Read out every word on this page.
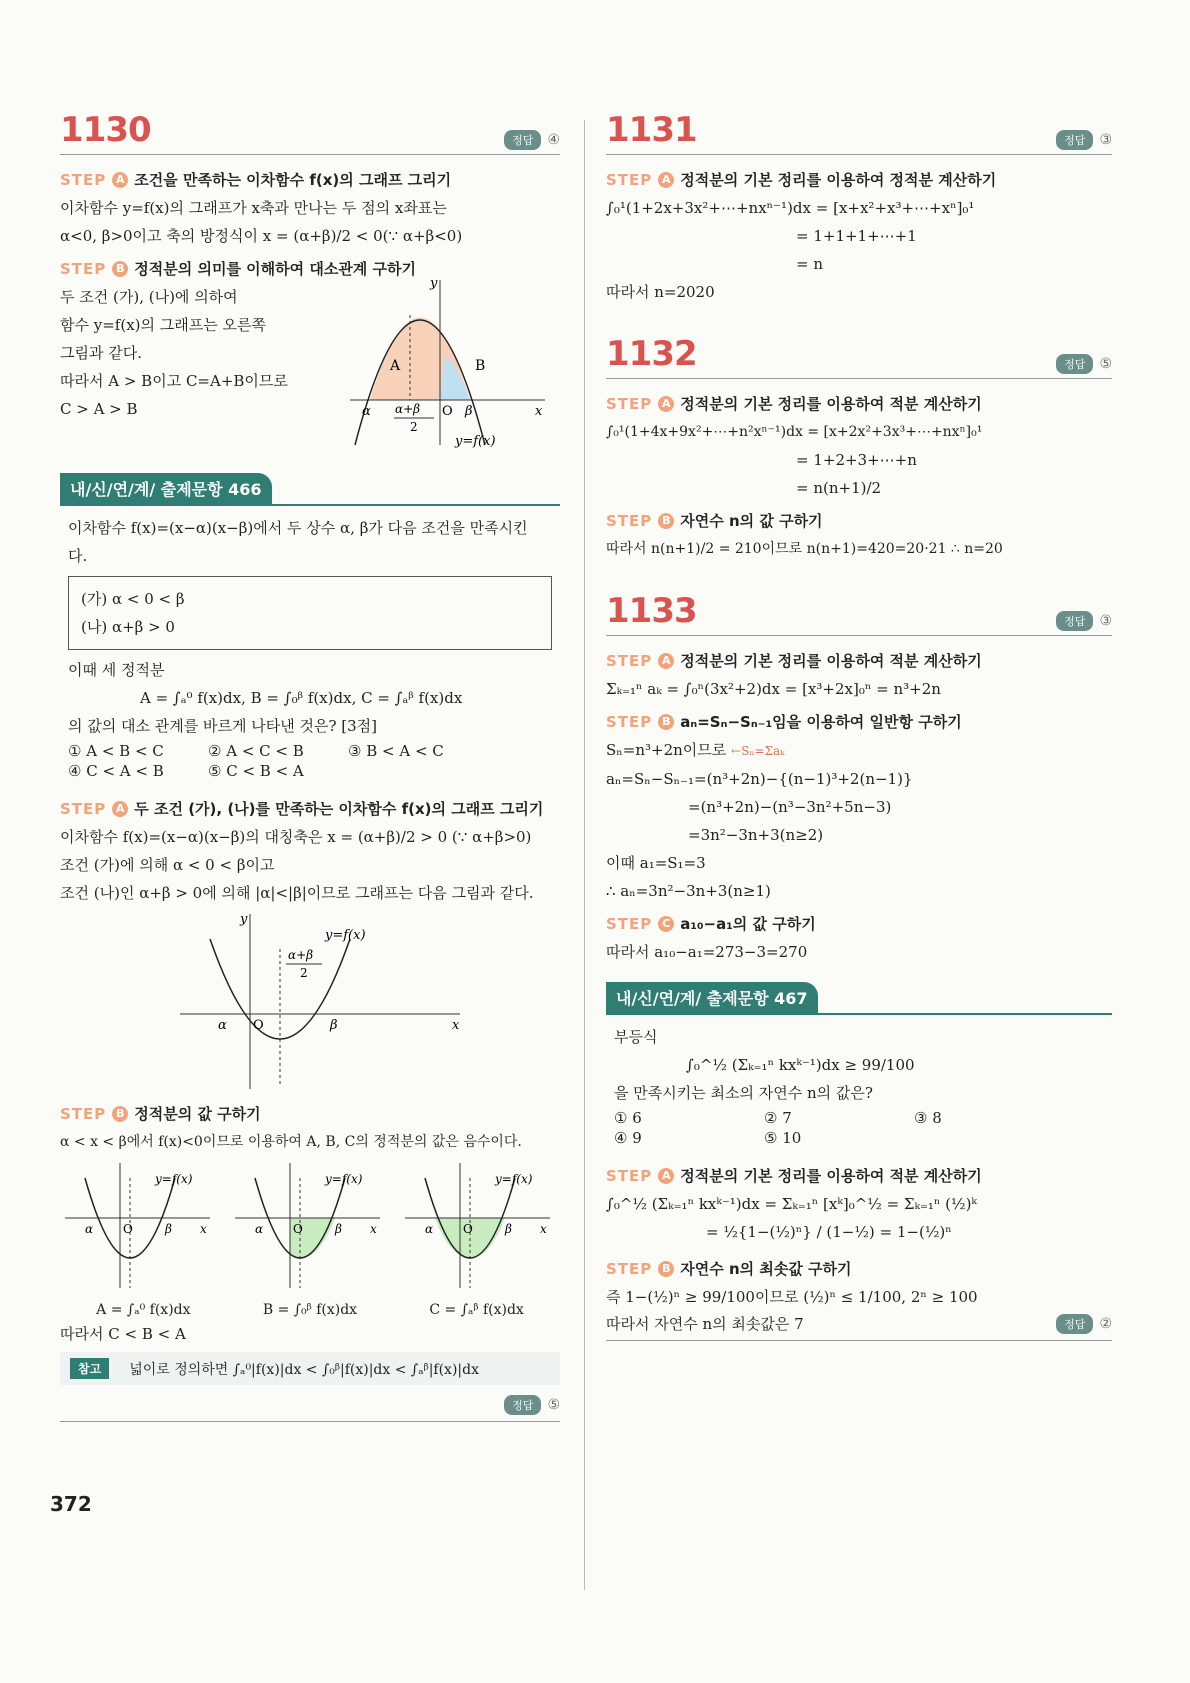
1130	정답	④
STEP A 조건을 만족하는 이차함수 f(x)의 그래프 그리기
이차함수 y=f(x)의 그래프가 x축과 만나는 두 점의 x좌표는
α<0, β>0이고 축의 방정식이 x = (α+β)/2 < 0(∵ α+β<0)
STEP B 정적분의 의미를 이해하여 대소관계 구하기
두 조건 (가), (나)에 의하여
함수 y=f(x)의 그래프는 오른쪽
그림과 같다.
따라서 A > B이고 C=A+B이므로
C > A > B
A	B
y
x
O
α	β
α+β
2
y=f(x)
내/신/연/계/ 출제문항 466
이차함수 f(x)=(x−α)(x−β)에서 두 상수 α, β가 다음 조건을 만족시킨
다.
(가) α < 0 < β
(나) α+β > 0
이때 세 정적분
A = ∫ₐ⁰ f(x)dx, B = ∫₀ᵝ f(x)dx, C = ∫ₐᵝ f(x)dx
의 값의 대소 관계를 바르게 나타낸 것은? [3점]
① A < B < C	② A < C < B	③ B < A < C
④ C < A < B	⑤ C < B < A
STEP A 두 조건 (가), (나)를 만족하는 이차함수 f(x)의 그래프 그리기
이차함수 f(x)=(x−α)(x−β)의 대칭축은 x = (α+β)/2 > 0 (∵ α+β>0)
조건 (가)에 의해 α < 0 < β이고
조건 (나)인 α+β > 0에 의해 |α|<|β|이므로 그래프는 다음 그림과 같다.
y
x
O
α	β
α+β
2
y=f(x)
STEP B 정적분의 값 구하기
α < x < β에서 f(x)<0이므로 이용하여 A, B, C의 정적분의 값은 음수이다.
α O	β x
y=f(x)
α O	β x
y=f(x)
α O	β x
y=f(x)
A = ∫ₐ⁰ f(x)dx	B = ∫₀ᵝ f(x)dx	C = ∫ₐᵝ f(x)dx
따라서 C < B < A
참고	넓이로 정의하면 ∫ₐ⁰|f(x)|dx < ∫₀ᵝ|f(x)|dx < ∫ₐᵝ|f(x)|dx
정답	⑤
1131	정답	③
STEP A 정적분의 기본 정리를 이용하여 정적분 계산하기
∫₀¹(1+2x+3x²+⋯+nxⁿ⁻¹)dx = [x+x²+x³+⋯+xⁿ]₀¹
= 1+1+1+⋯+1
= n
따라서 n=2020
1132	정답	⑤
STEP A 정적분의 기본 정리를 이용하여 적분 계산하기
∫₀¹(1+4x+9x²+⋯+n²xⁿ⁻¹)dx = [x+2x²+3x³+⋯+nxⁿ]₀¹
= 1+2+3+⋯+n
= n(n+1)/2
STEP B 자연수 n의 값 구하기
따라서 n(n+1)/2 = 210이므로 n(n+1)=420=20·21 ∴ n=20
1133	정답	③
STEP A 정적분의 기본 정리를 이용하여 적분 계산하기
Σₖ₌₁ⁿ aₖ = ∫₀ⁿ(3x²+2)dx = [x³+2x]₀ⁿ = n³+2n
STEP B aₙ=Sₙ−Sₙ₋₁임을 이용하여 일반항 구하기
Sₙ=n³+2n이므로 ←Sₙ=Σaₖ
aₙ=Sₙ−Sₙ₋₁=(n³+2n)−{(n−1)³+2(n−1)}
=(n³+2n)−(n³−3n²+5n−3)
=3n²−3n+3(n≥2)
이때 a₁=S₁=3
∴ aₙ=3n²−3n+3(n≥1)
STEP C a₁₀−a₁의 값 구하기
따라서 a₁₀−a₁=273−3=270
내/신/연/계/ 출제문항 467
부등식
∫₀^½ (Σₖ₌₁ⁿ kxᵏ⁻¹)dx ≥ 99/100
을 만족시키는 최소의 자연수 n의 값은?
① 6	② 7	③ 8
④ 9	⑤ 10
STEP A 정적분의 기본 정리를 이용하여 적분 계산하기
∫₀^½ (Σₖ₌₁ⁿ kxᵏ⁻¹)dx = Σₖ₌₁ⁿ [xᵏ]₀^½ = Σₖ₌₁ⁿ (½)ᵏ
= ½{1−(½)ⁿ} / (1−½) = 1−(½)ⁿ
STEP B 자연수 n의 최솟값 구하기
즉 1−(½)ⁿ ≥ 99/100이므로 (½)ⁿ ≤ 1/100, 2ⁿ ≥ 100
따라서 자연수 n의 최솟값은 7	정답	②
372
